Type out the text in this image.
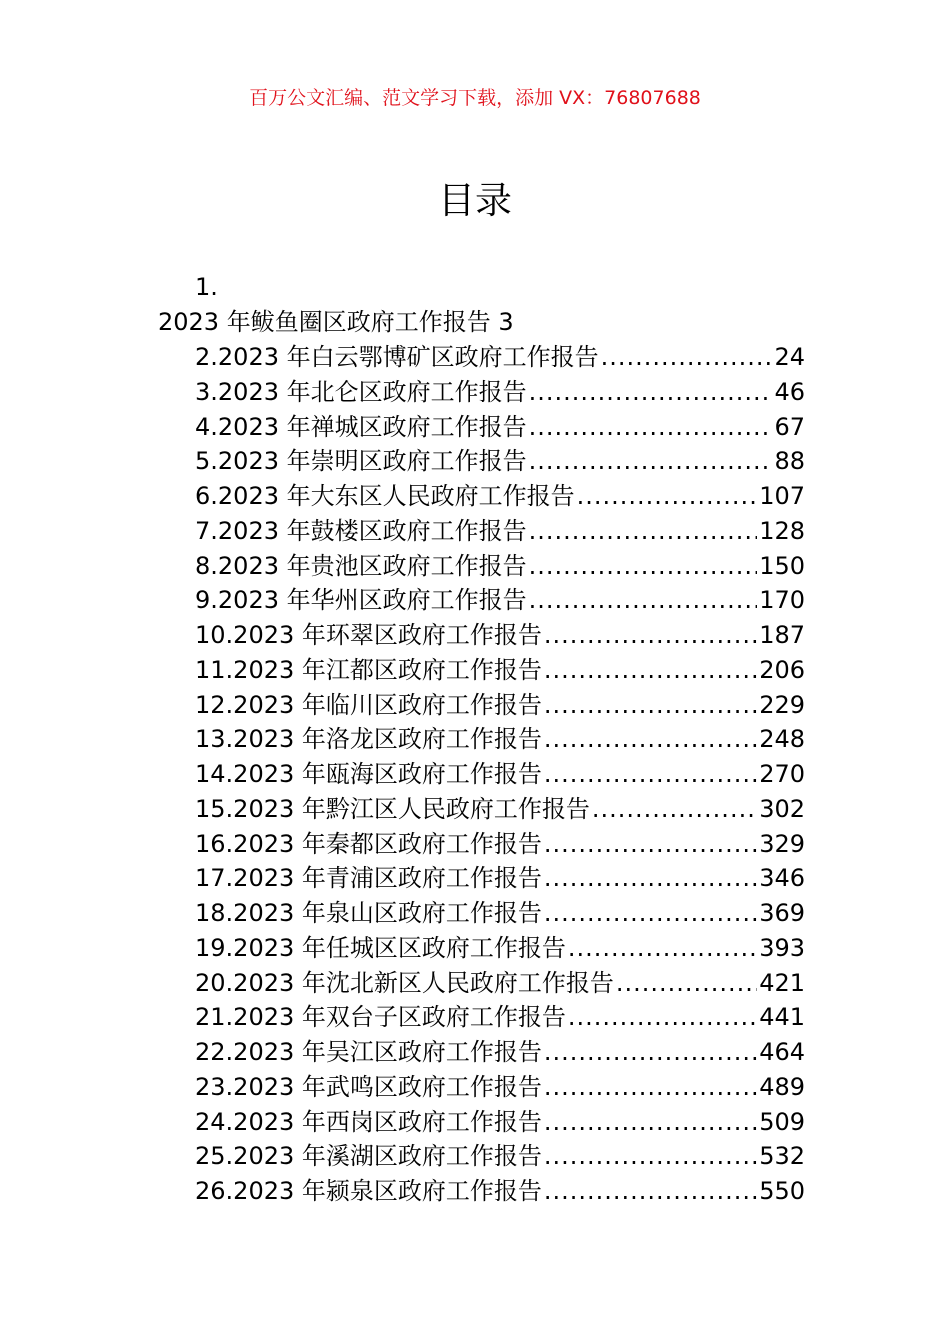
百万公文汇编、范文学习下载，添加 VX：76807688
目录
1.
2023 年鲅鱼圈区政府工作报告 3
2.2023 年白云鄂博矿区政府工作报告 .....	24
3.2023 年北仑区政府工作报告 .....	46
4.2023 年禅城区政府工作报告 .....	67
5.2023 年崇明区政府工作报告 .....	88
6.2023 年大东区人民政府工作报告 .....	107
7.2023 年鼓楼区政府工作报告 .....	128
8.2023 年贵池区政府工作报告 .....	150
9.2023 年华州区政府工作报告 .....	170
10.2023 年环翠区政府工作报告 .....	187
11.2023 年江都区政府工作报告 .....	206
12.2023 年临川区政府工作报告 .....	229
13.2023 年洛龙区政府工作报告 .....	248
14.2023 年瓯海区政府工作报告 .....	270
15.2023 年黔江区人民政府工作报告 .....	302
16.2023 年秦都区政府工作报告 .....	329
17.2023 年青浦区政府工作报告 .....	346
18.2023 年泉山区政府工作报告 .....	369
19.2023 年任城区区政府工作报告 .....	393
20.2023 年沈北新区人民政府工作报告 .....	421
21.2023 年双台子区政府工作报告 .....	441
22.2023 年吴江区政府工作报告 .....	464
23.2023 年武鸣区政府工作报告 .....	489
24.2023 年西岗区政府工作报告 .....	509
25.2023 年溪湖区政府工作报告 .....	532
26.2023 年颍泉区政府工作报告 .....	550
